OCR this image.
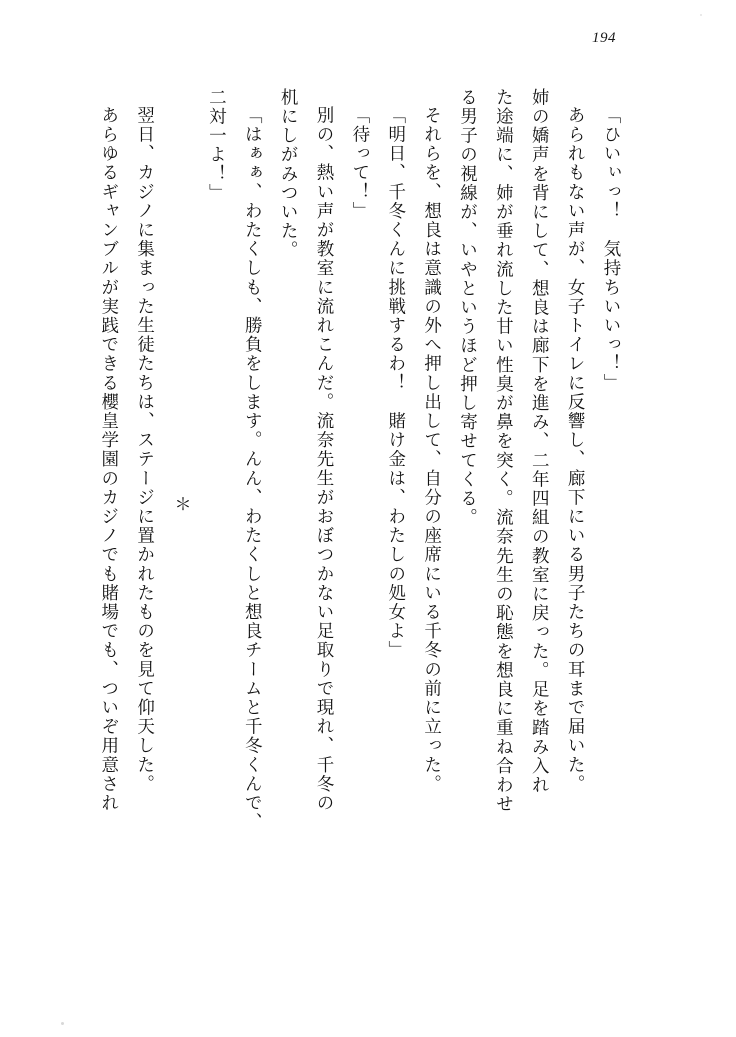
194

「ひいぃっ！　気持ちいいっ！」

あられもない声が、女子トイレに反響し、廊下にいる男子たちの耳まで届いた。

姉の嬌声を背にして、想良は廊下を進み、二年四組の教室に戻った。足を踏み入れ

た途端に、姉が垂れ流した甘い性臭が鼻を突く。流奈先生の恥態を想良に重ね合わせ

る男子の視線が、いやというほど押し寄せてくる。

それらを、想良は意識の外へ押し出して、自分の座席にいる千冬の前に立った。

「明日、千冬くんに挑戦するわ！　賭け金は、わたしの処女よ」

「待って！」

別の、熱い声が教室に流れこんだ。流奈先生がおぼつかない足取りで現れ、千冬の

机にしがみついた。

「はぁぁ、わたくしも、勝負をします。んん、わたくしと想良チームと千冬くんで、

二対一よ！」

＊

翌日、カジノに集まった生徒たちは、ステージに置かれたものを見て仰天した。

あらゆるギャンブルが実践できる櫻皇学園のカジノでも賭場でも、ついぞ用意され
